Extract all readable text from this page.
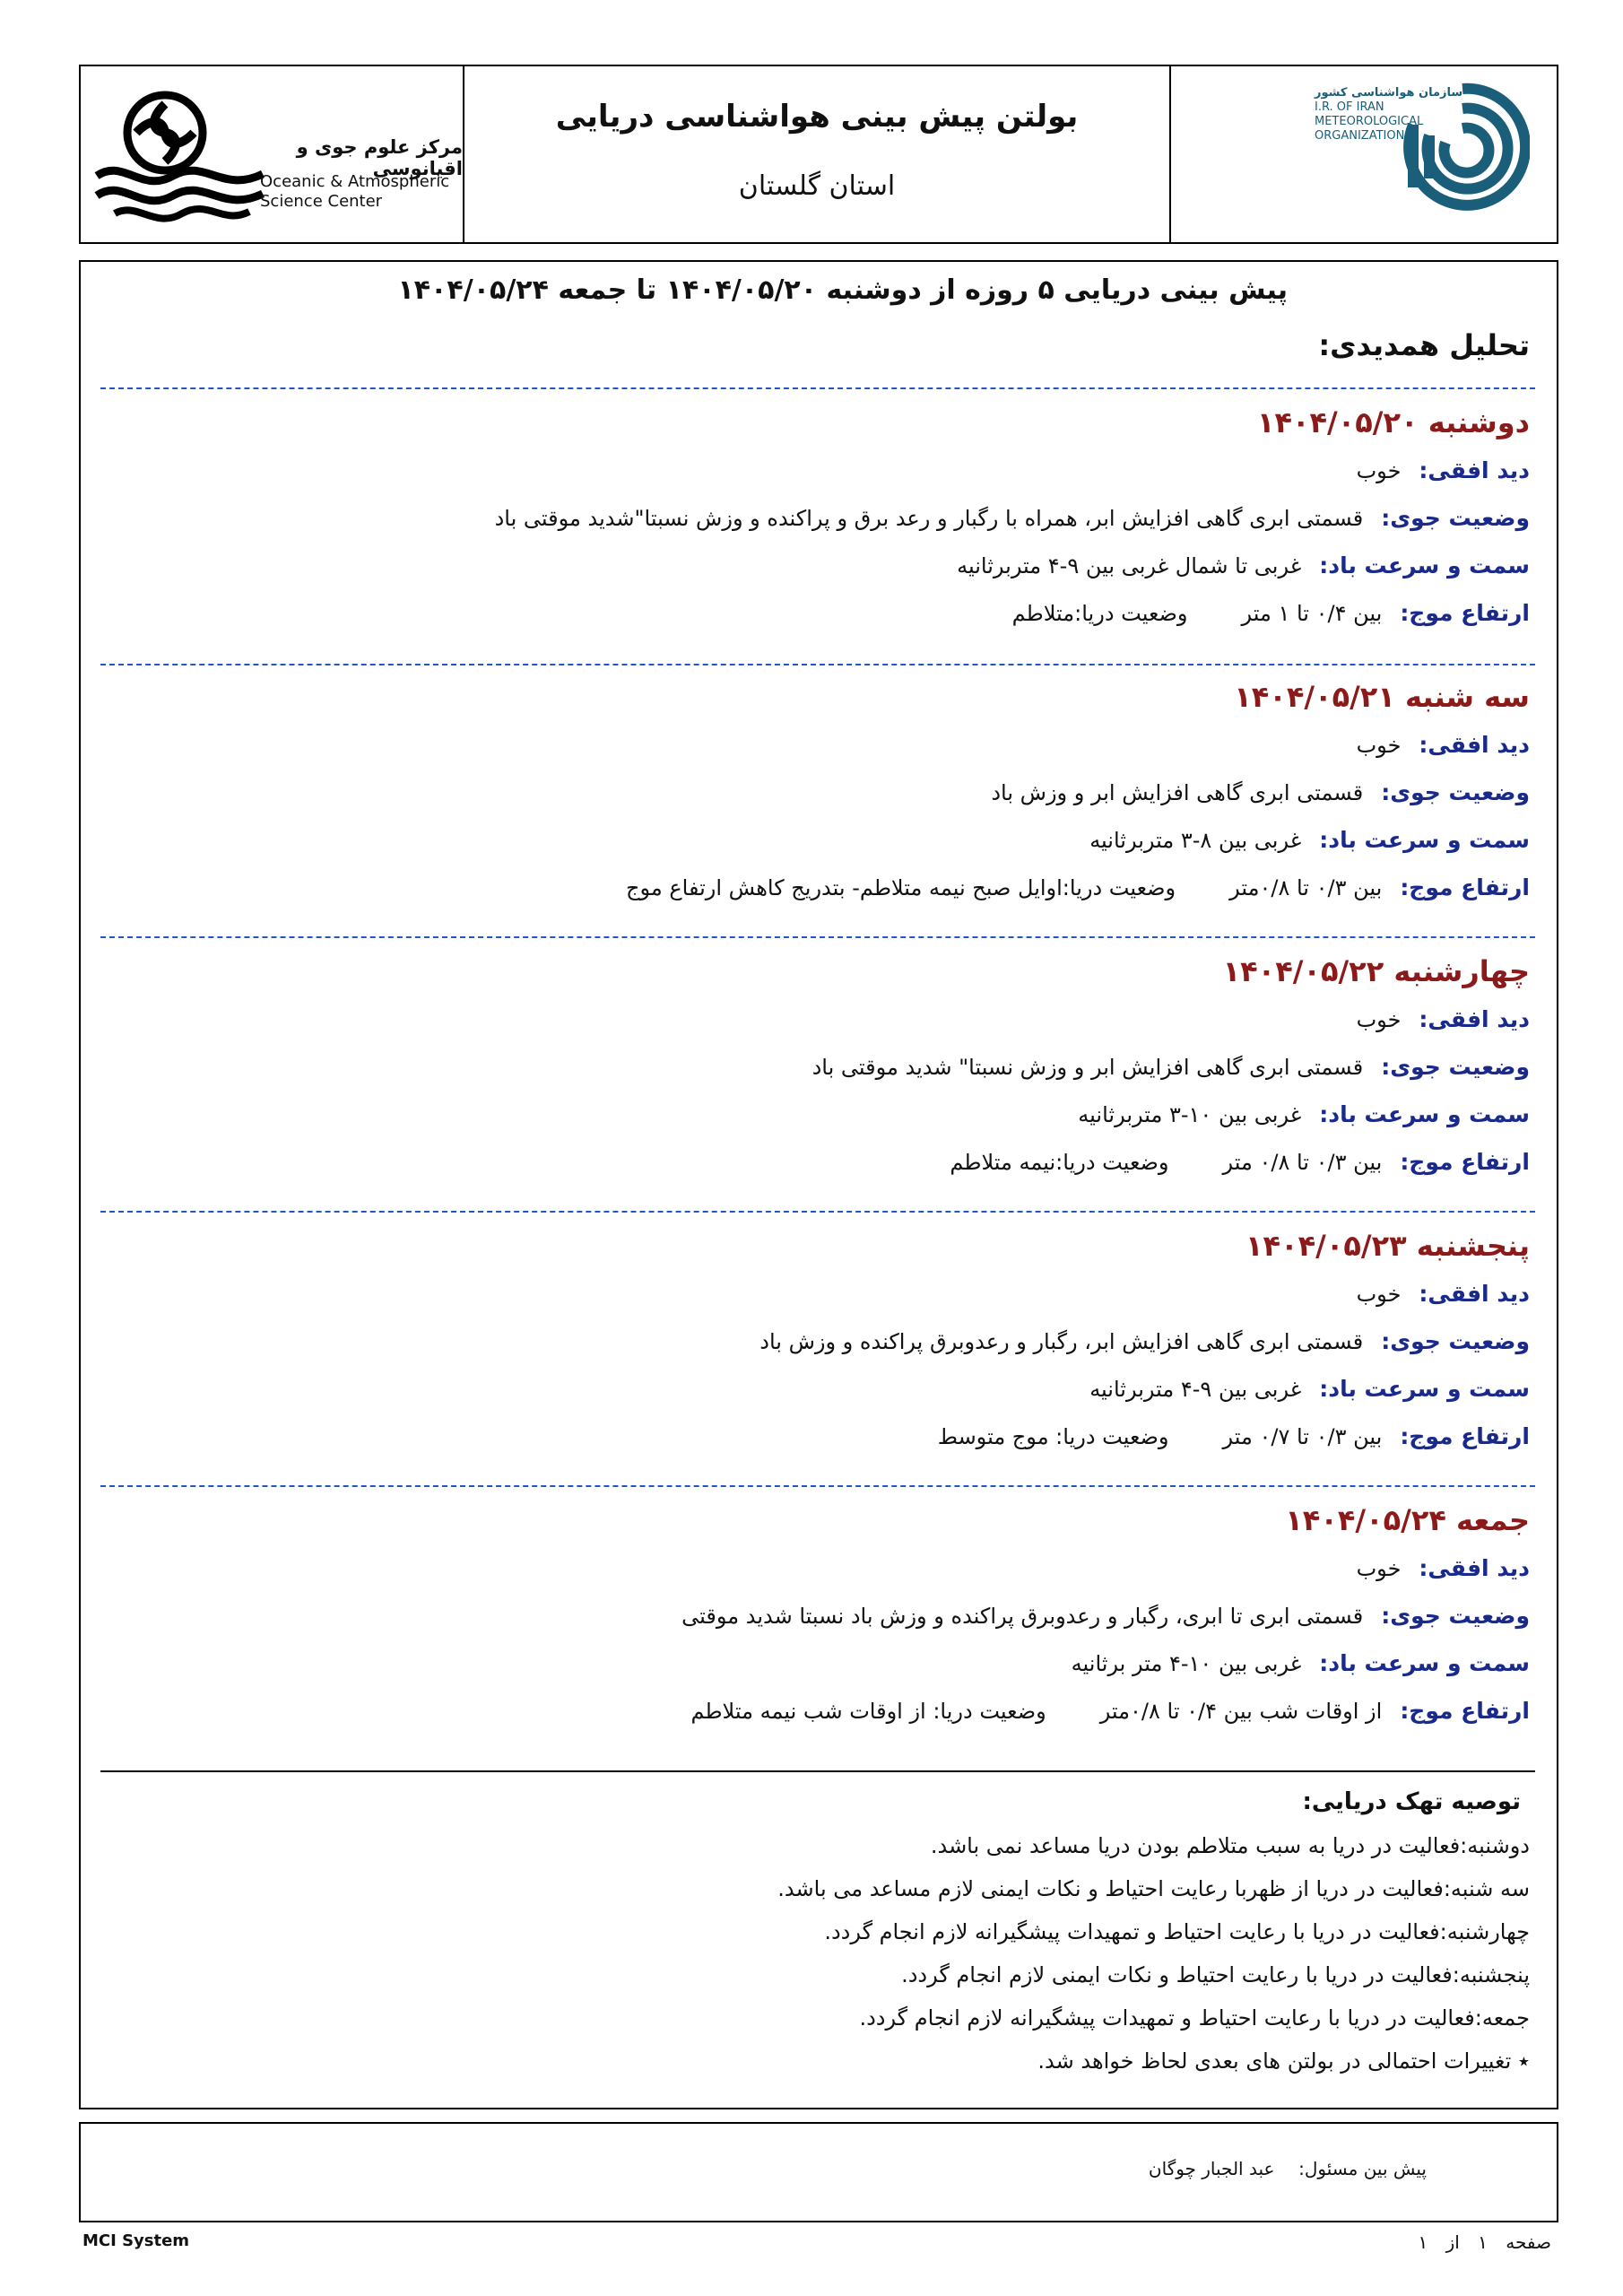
مرکز علوم جوی و اقیانوسی
Oceanic & Atmospheric
Science Center
بولتن پیش بینی هواشناسی دریایی
استان گلستان
سازمان هواشناسی کشور
I.R. OF IRAN
METEOROLOGICAL
ORGANIZATION
پیش بینی دریایی ۵ روزه از دوشنبه ۱۴۰۴/۰۵/۲۰ تا جمعه ۱۴۰۴/۰۵/۲۴
تحلیل همدیدی:
دوشنبه ۱۴۰۴/۰۵/۲۰
دید افقی:
خوب
وضعیت جوی:
قسمتی ابری گاهی افزایش ابر، همراه با رگبار و رعد برق و پراکنده و وزش نسبتا"شدید موقتی باد
سمت و سرعت باد:
غربی تا شمال غربی بین ۹-۴ متربرثانیه
ارتفاع موج:
بین ۰/۴ تا ۱ متر
وضعیت دریا:متلاطم
سه شنبه ۱۴۰۴/۰۵/۲۱
دید افقی:
خوب
وضعیت جوی:
قسمتی ابری گاهی افزایش ابر و وزش باد
سمت و سرعت باد:
غربی بین ۸-۳ متربرثانیه
ارتفاع موج:
بین ۰/۳ تا ۰/۸متر
وضعیت دریا:اوایل صبح نیمه متلاطم- بتدریج کاهش ارتفاع موج
چهارشنبه ۱۴۰۴/۰۵/۲۲
دید افقی:
خوب
وضعیت جوی:
قسمتی ابری گاهی افزایش ابر و وزش نسبتا" شدید موقتی باد
سمت و سرعت باد:
غربی بین ۱۰-۳ متربرثانیه
ارتفاع موج:
بین ۰/۳ تا ۰/۸ متر
وضعیت دریا:نیمه متلاطم
پنجشنبه ۱۴۰۴/۰۵/۲۳
دید افقی:
خوب
وضعیت جوی:
قسمتی ابری گاهی افزایش ابر، رگبار و رعدوبرق پراکنده و وزش باد
سمت و سرعت باد:
غربی بین ۹-۴ متربرثانیه
ارتفاع موج:
بین ۰/۳ تا ۰/۷ متر
وضعیت دریا: موج متوسط
جمعه ۱۴۰۴/۰۵/۲۴
دید افقی:
خوب
وضعیت جوی:
قسمتی ابری تا ابری، رگبار و رعدوبرق پراکنده و وزش باد نسبتا شدید موقتی
سمت و سرعت باد:
غربی بین ۱۰-۴ متر برثانیه
ارتفاع موج:
از اوقات شب بین ۰/۴ تا ۰/۸متر
وضعیت دریا: از اوقات شب نیمه متلاطم
توصیه تهک دریایی:
دوشنبه:فعالیت در دریا به سبب متلاطم بودن دریا مساعد نمی باشد.
سه شنبه:فعالیت در دریا از ظهربا رعایت احتیاط و نکات ایمنی لازم مساعد می باشد.
چهارشنبه:فعالیت در دریا با رعایت احتیاط و تمهیدات پیشگیرانه لازم انجام گردد.
پنجشنبه:فعالیت در دریا با رعایت احتیاط و نکات ایمنی لازم انجام گردد.
جمعه:فعالیت در دریا با رعایت احتیاط و تمهیدات پیشگیرانه لازم انجام گردد.
٭ تغییرات احتمالی در بولتن های بعدی لحاظ خواهد شد.
پیش بین مسئول:  عبد الجبار چوگان
MCI System	صفحه ۱ از ۱
